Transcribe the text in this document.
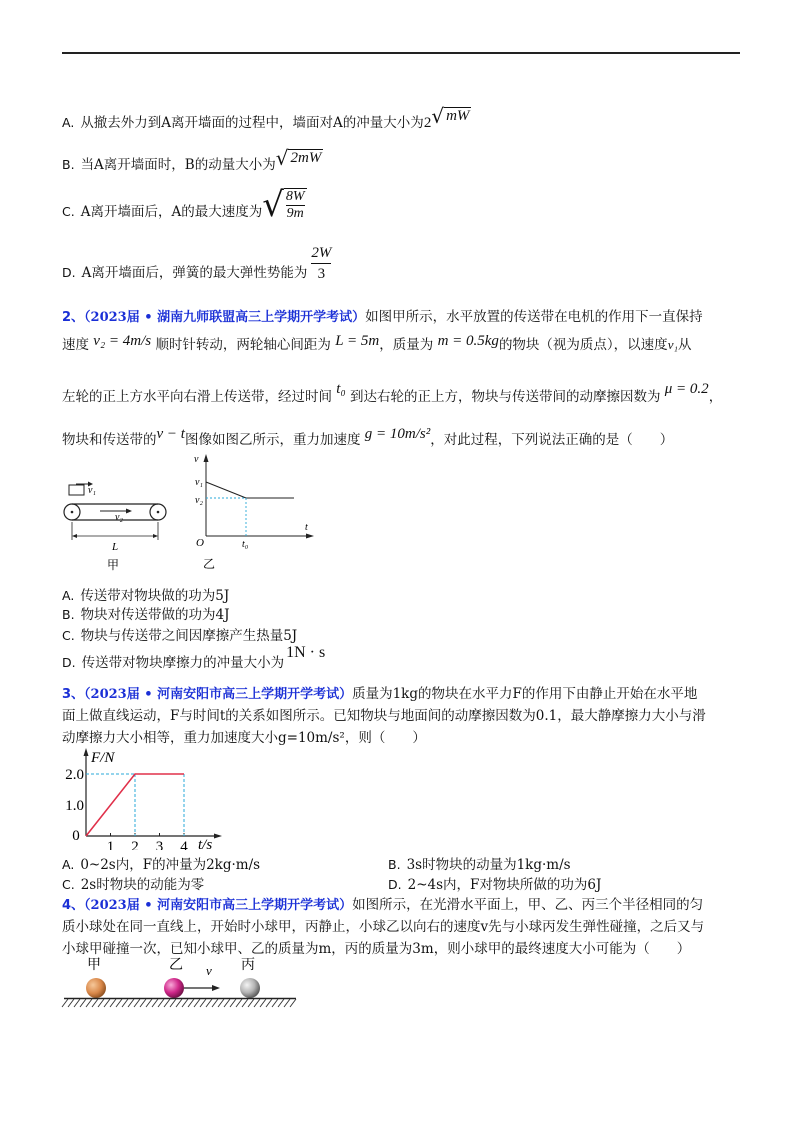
A. 从撤去外力到A离开墙面的过程中，墙面对A的冲量大小为2 √ mW
B. 当A离开墙面时，B的动量大小为 √ 2mW
C. A离开墙面后，A的最大速度为 √ $\frac{8W}{9m}$
D. A离开墙面后，弹簧的最大弹性势能为 $\frac{2W}{3}$
2、（2023届 • 湖南九师联盟高三上学期开学考试）如图甲所示，水平放置的传送带在电机的作用下一直保持
速度 v₂ = 4m/s 顺时针转动，两轮轴心间距为 L = 5m，质量为 m = 0.5kg的物块（视为质点），以速度v₁从
左轮的正上方水平向右滑上传送带，经过时间 t₀ 到达右轮的正上方，物块与传送带间的动摩擦因数为 μ = 0.2，
物块和传送带的v − t图像如图乙所示，重力加速度 g = 10m/s²，对此过程，下列说法正确的是（　　）
v₁
v₂
L
甲
v
t
v₁
v₂
O	t₀
乙
A. 传送带对物块做的功为5J
B. 物块对传送带做的功为4J
C. 物块与传送带之间因摩擦产生热量5J
D. 传送带对物块摩擦力的冲量大小为1N · s
3、（2023届 • 河南安阳市高三上学期开学考试）质量为1kg的物块在水平力F的作用下由静止开始在水平地
面上做直线运动，F与时间t的关系如图所示。已知物块与地面间的动摩擦因数为0.1，最大静摩擦力大小与滑
动摩擦力大小相等，重力加速度大小g=10m/s²，则（　　）
F/N
t/s
0
1 2 3 4
1.0
2.0
A. 0~2s内，F的冲量为2kg·m/s	B. 3s时物块的动量为1kg·m/s
C. 2s时物块的动能为零	D. 2~4s内，F对物块所做的功为6J
4、（2023届 • 河南安阳市高三上学期开学考试）如图所示，在光滑水平面上，甲、乙、丙三个半径相同的匀
质小球处在同一直线上，开始时小球甲，丙静止，小球乙以向右的速度v先与小球丙发生弹性碰撞，之后又与
小球甲碰撞一次，已知小球甲、乙的质量为m，丙的质量为3m，则小球甲的最终速度大小可能为（　　）
甲	乙	丙
v
